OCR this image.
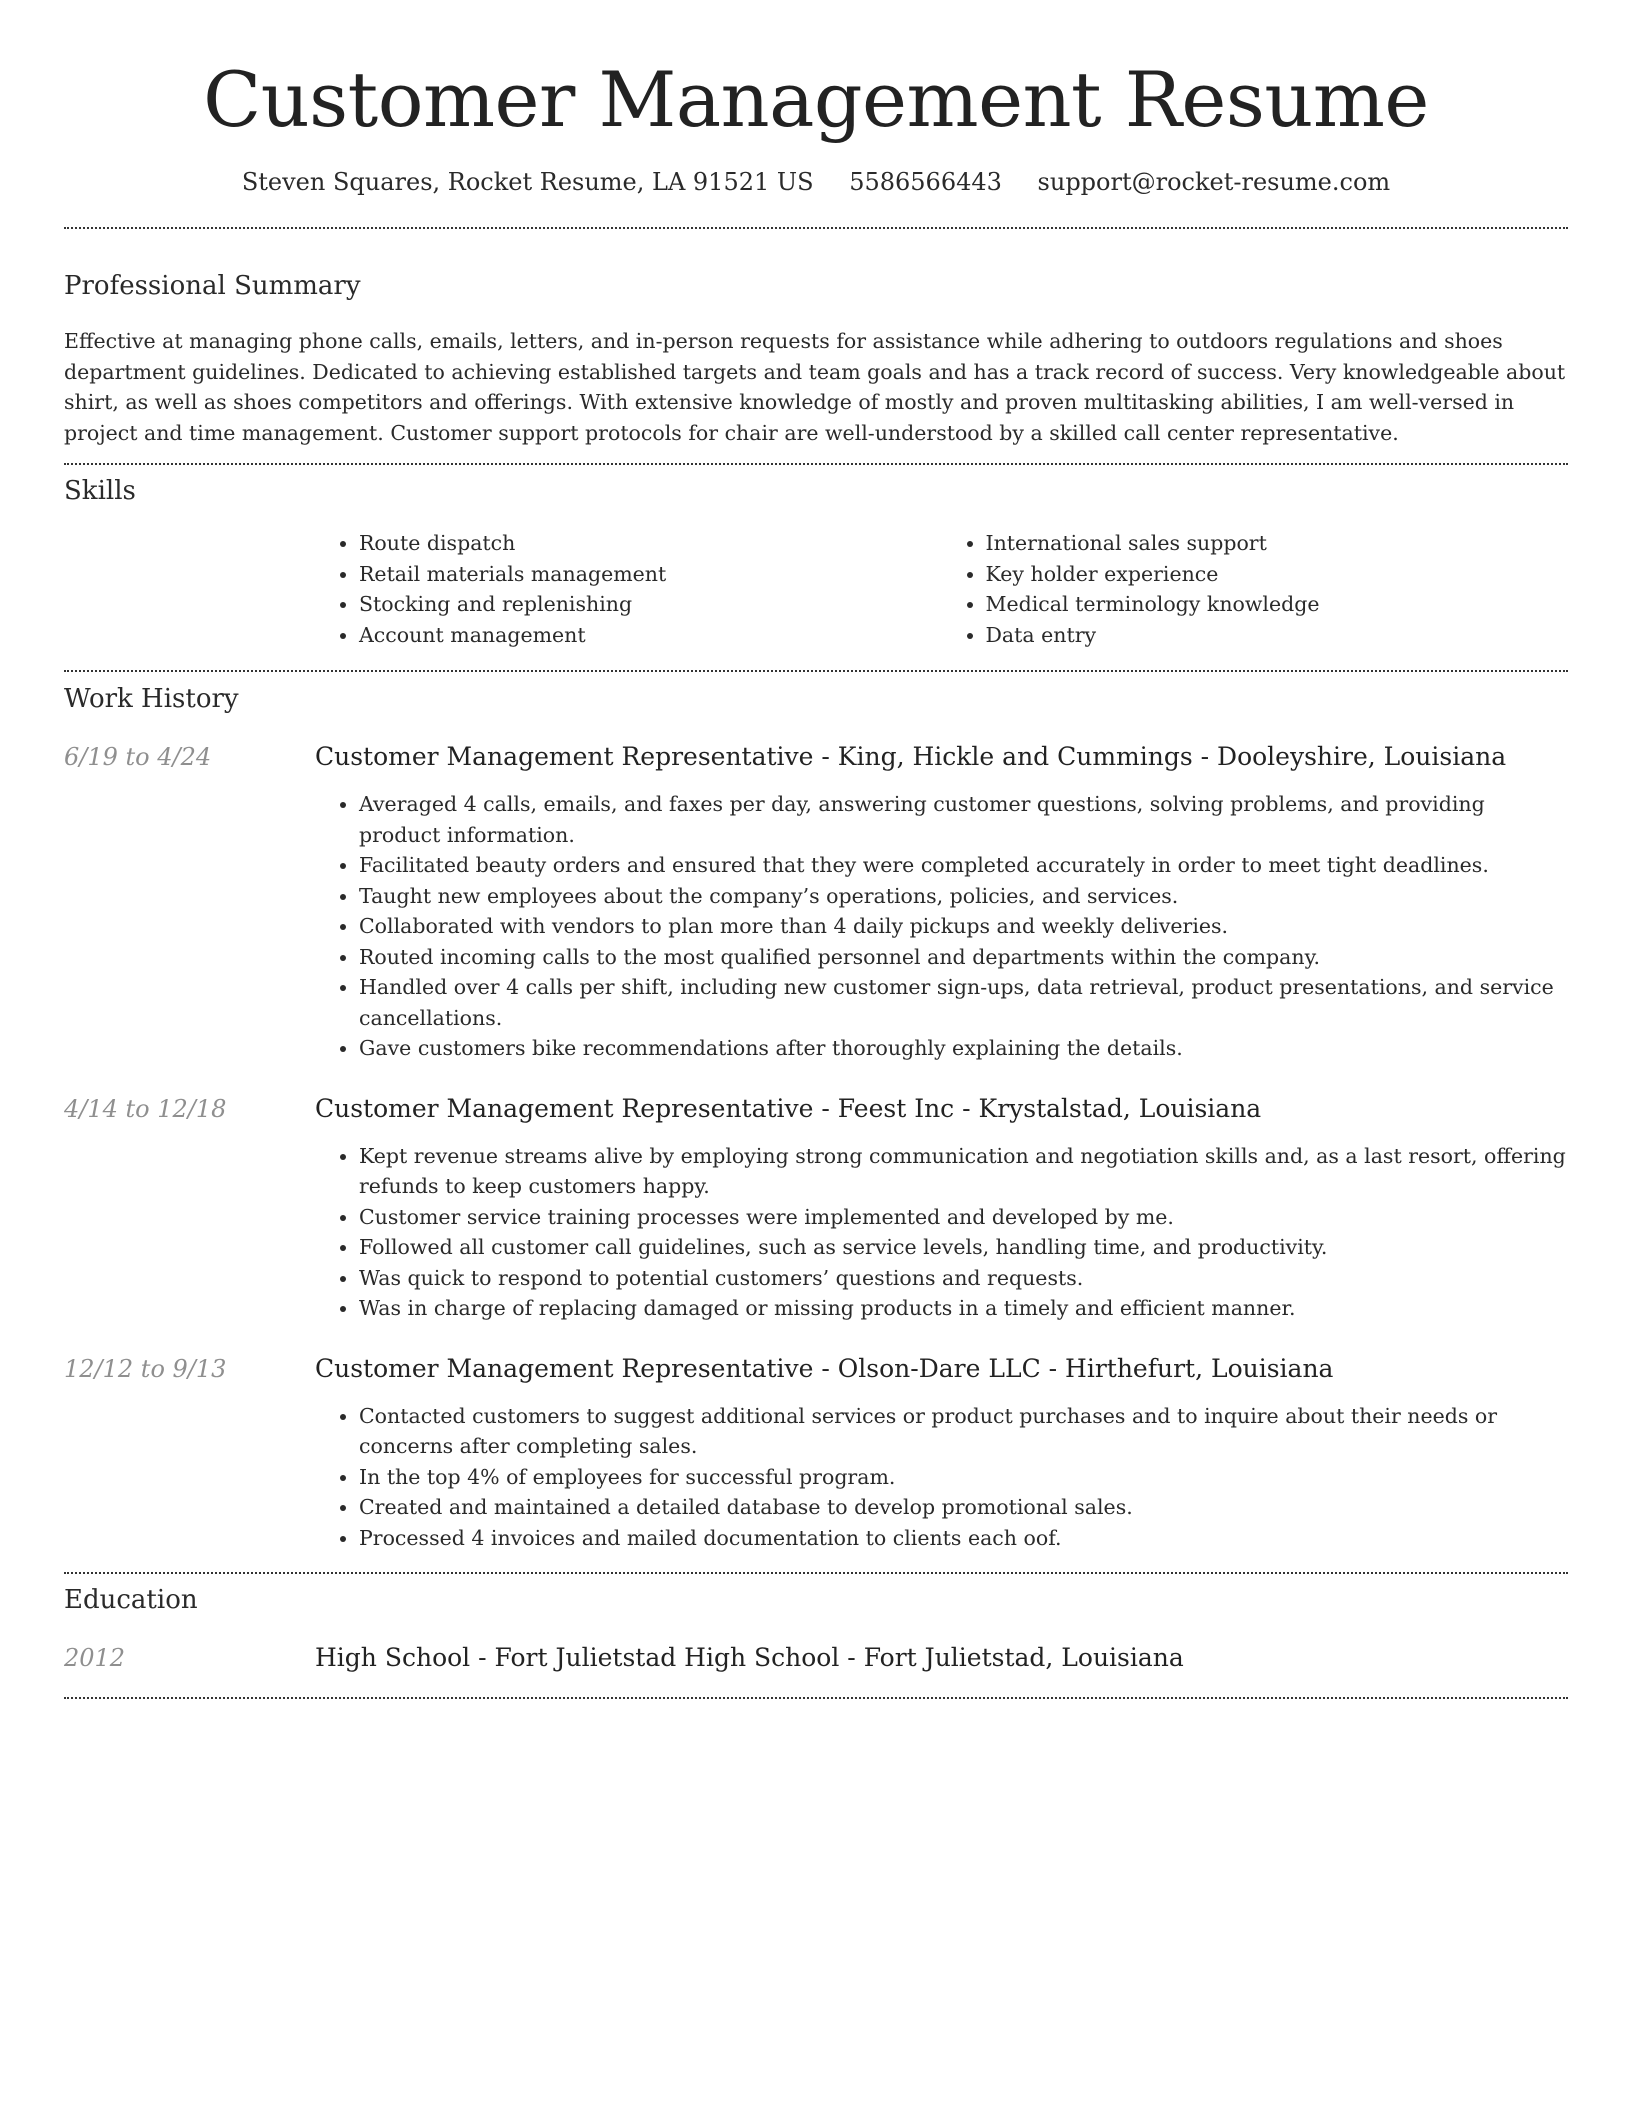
Customer Management Resume
Steven Squares, Rocket Resume, LA 91521 US 5586566443 support@rocket-resume.com
Professional Summary

Effective at managing phone calls, emails, letters, and in-person requests for assistance while adhering to outdoors regulations and shoes department guidelines. Dedicated to achieving established targets and team goals and has a track record of success. Very knowledgeable about shirt, as well as shoes competitors and offerings. With extensive knowledge of mostly and proven multitasking abilities, I am well-versed in project and time management. Customer support protocols for chair are well-understood by a skilled call center representative.

Skills
• Route dispatch
• Retail materials management
• Stocking and replenishing
• Account management
• International sales support
• Key holder experience
• Medical terminology knowledge
• Data entry
Work History
6/19 to 4/24	Customer Management Representative - King, Hickle and Cummings - Dooleyshire, Louisiana
• Averaged 4 calls, emails, and faxes per day, answering customer questions, solving problems, and providing product information.
• Facilitated beauty orders and ensured that they were completed accurately in order to meet tight deadlines.
• Taught new employees about the company’s operations, policies, and services.
• Collaborated with vendors to plan more than 4 daily pickups and weekly deliveries.
• Routed incoming calls to the most qualified personnel and departments within the company.
• Handled over 4 calls per shift, including new customer sign-ups, data retrieval, product presentations, and service cancellations.
• Gave customers bike recommendations after thoroughly explaining the details.
4/14 to 12/18	Customer Management Representative - Feest Inc - Krystalstad, Louisiana
• Kept revenue streams alive by employing strong communication and negotiation skills and, as a last resort, offering refunds to keep customers happy.
• Customer service training processes were implemented and developed by me.
• Followed all customer call guidelines, such as service levels, handling time, and productivity.
• Was quick to respond to potential customers’ questions and requests.
• Was in charge of replacing damaged or missing products in a timely and efficient manner.
12/12 to 9/13	Customer Management Representative - Olson-Dare LLC - Hirthefurt, Louisiana
• Contacted customers to suggest additional services or product purchases and to inquire about their needs or concerns after completing sales.
• In the top 4% of employees for successful program.
• Created and maintained a detailed database to develop promotional sales.
• Processed 4 invoices and mailed documentation to clients each oof.
Education
2012	High School - Fort Julietstad High School - Fort Julietstad, Louisiana
